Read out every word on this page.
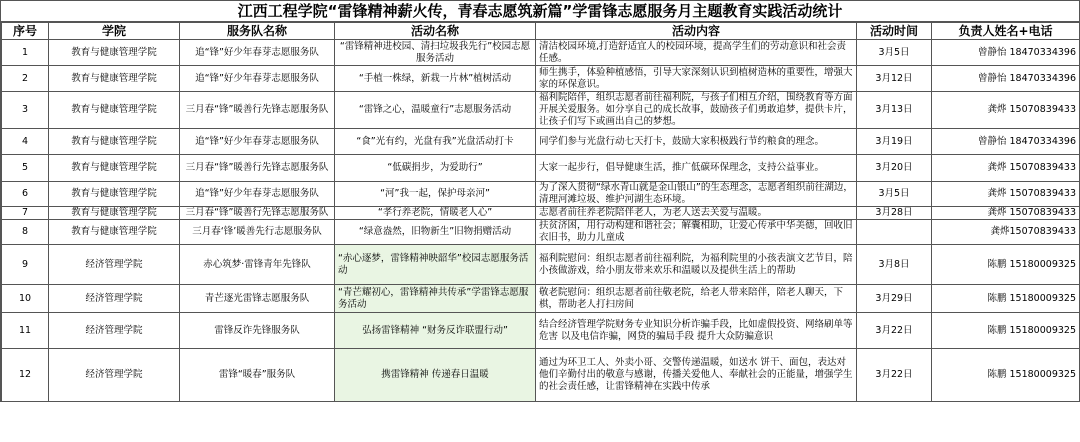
江西工程学院“雷锋精神薪火传，青春志愿筑新篇”学雷锋志愿服务月主题教育实践活动统计
序号	学院	服务队名称	活动名称	活动内容	活动时间	负责人姓名+电话
1	教育与健康管理学院	追“锋”好少年春芽志愿服务队	“雷锋精神进校园、清扫垃圾我先行”校园志愿服务活动	清洁校园环境,打造舒适宜人的校园环境，提高学生们的劳动意识和社会责任感。	3月5日	曾静怡 18470334396
2	教育与健康管理学院	追“锋”好少年春芽志愿服务队	“手植一株绿，新栽一片林”植树活动	师生携手，体验种植感悟，引导大家深刻认识到植树造林的重要性，增强大家的环保意识。	3月12日	曾静怡 18470334396
3	教育与健康管理学院	三月春“锋”暖善行先锋志愿服务队	“雷锋之心，温暖童行”志愿服务活动	福利院陪伴，组织志愿者前往福利院，与孩子们相互介绍，围绕教育等方面开展关爱服务。如分享自己的成长故事，鼓励孩子们勇敢追梦，提供卡片，让孩子们写下或画出自己的梦想。	3月13日	龚烨 15070839433
4	教育与健康管理学院	追“锋”好少年春芽志愿服务队	“食”光有约，光盘有我”光盘活动打卡	同学们参与光盘行动七天打卡，鼓励大家积极践行节约粮食的理念。	3月19日	曾静怡 18470334396
5	教育与健康管理学院	三月春“锋”暖善行先锋志愿服务队	“低碳捐步，为爱助行”	大家一起步行，倡导健康生活，推广低碳环保理念，支持公益事业。	3月20日	龚烨 15070839433
6	教育与健康管理学院	追“锋”好少年春芽志愿服务队	“河”我一起，保护母亲河”	为了深入贯彻“绿水青山就是金山银山”的生态理念，志愿者组织前往湖边，清理河滩垃圾、维护河湖生态环境。	3月5日	龚烨 15070839433
7	教育与健康管理学院	三月春“锋”暖善行先锋志愿服务队	“孝行养老院，情暖老人心”	志愿者前往养老院陪伴老人，为老人送去关爱与温暖。	3月28日	龚烨 15070839433
8	教育与健康管理学院	三月春‘锋’暖善先行志愿服务队	“绿意盎然，旧物新生”旧物捐赠活动	扶贫济困，用行动构建和谐社会；解囊相助，让爱心传承中华美德，回收旧衣旧书，助力儿童成		龚烨15070839433
9	经济管理学院	赤心筑梦·雷锋青年先锋队	“赤心逐梦，雷锋精神映韶华”校园志愿服务活动	福利院慰问：组织志愿者前往福利院，为福利院里的小孩表演文艺节目，陪小孩做游戏，给小朋友带来欢乐和温暖以及提供生活上的帮助	3月8日	陈鹏 15180009325
10	经济管理学院	青芒逐光雷锋志愿服务队	“青芒耀初心，雷锋精神共传承”学雷锋志愿服务活动	敬老院慰问：组织志愿者前往敬老院，给老人带来陪伴，陪老人聊天，下棋，帮助老人打扫房间	3月29日	陈鹏 15180009325
11	经济管理学院	雷锋反诈先锋服务队	弘扬雷锋精神 “财务反诈联盟行动”	结合经济管理学院财务专业知识分析诈骗手段，比如虚假投资、网络刷单等危害 以及电信诈骗，网贷的骗局手段 提升大众防骗意识	3月22日	陈鹏 15180009325
12	经济管理学院	雷锋“暖春”服务队	携雷锋精神 传递春日温暖	通过为环卫工人、外卖小哥、交警传递温暖，如送水 饼干、面包，表达对他们辛勤付出的敬意与感谢，传播关爱他人、奉献社会的正能量，增强学生的社会责任感，让雷锋精神在实践中传承	3月22日	陈鹏 15180009325
